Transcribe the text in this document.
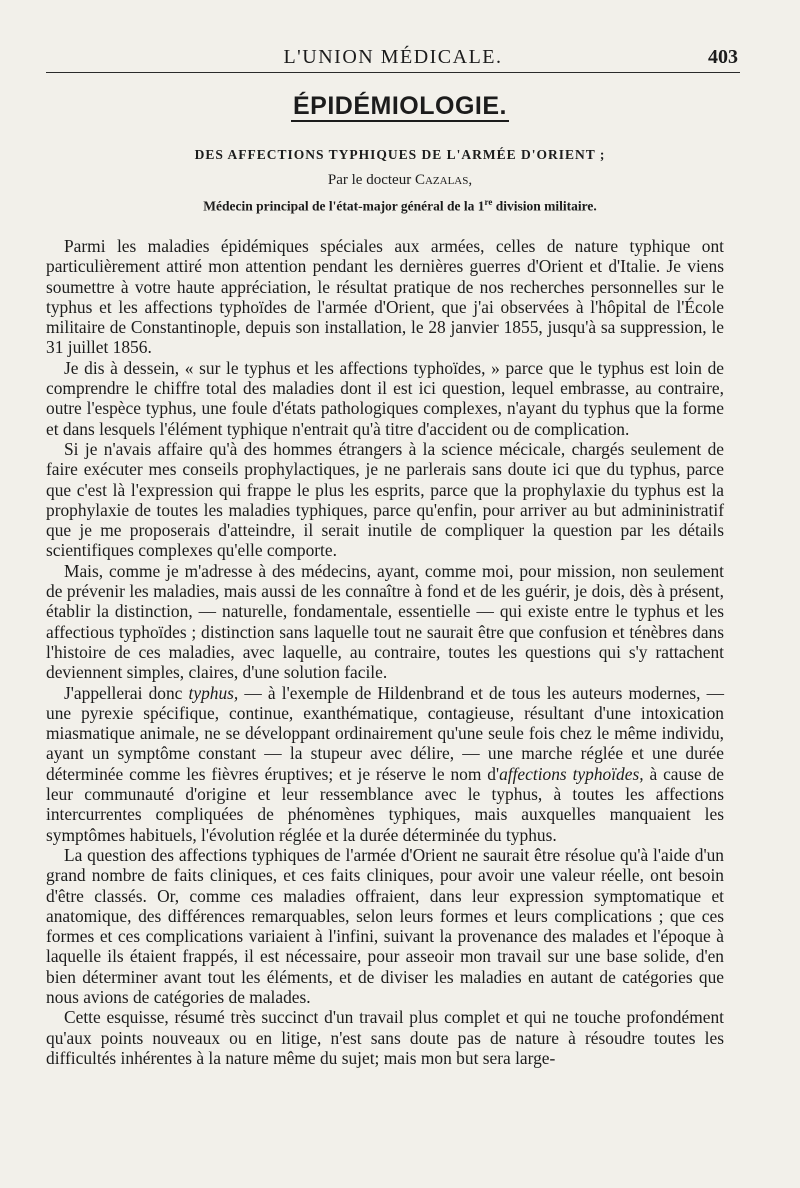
L'UNION MÉDICALE.	403
ÉPIDÉMIOLOGIE.
DES AFFECTIONS TYPHIQUES DE L'ARMÉE D'ORIENT ;
Par le docteur Cazalas,
Médecin principal de l'état-major général de la 1re division militaire.

Parmi les maladies épidémiques spéciales aux armées, celles de nature typhique ont particulièrement attiré mon attention pendant les dernières guerres d'Orient et d'Italie. Je viens soumettre à votre haute appréciation, le résultat pratique de nos recherches personnelles sur le typhus et les affections typhoïdes de l'armée d'Orient, que j'ai observées à l'hôpital de l'École militaire de Constantinople, depuis son installation, le 28 janvier 1855, jusqu'à sa suppression, le 31 juillet 1856.

Je dis à dessein, « sur le typhus et les affections typhoïdes, » parce que le typhus est loin de comprendre le chiffre total des maladies dont il est ici question, lequel embrasse, au contraire, outre l'espèce typhus, une foule d'états pathologiques complexes, n'ayant du typhus que la forme et dans lesquels l'élément typhique n'entrait qu'à titre d'accident ou de complication.

Si je n'avais affaire qu'à des hommes étrangers à la science mécicale, chargés seulement de faire exécuter mes conseils prophylactiques, je ne parlerais sans doute ici que du typhus, parce que c'est là l'expression qui frappe le plus les esprits, parce que la prophylaxie du typhus est la prophylaxie de toutes les maladies typhiques, parce qu'enfin, pour arriver au but admininistratif que je me proposerais d'atteindre, il serait inutile de compliquer la question par les détails scientifiques complexes qu'elle comporte.

Mais, comme je m'adresse à des médecins, ayant, comme moi, pour mission, non seulement de prévenir les maladies, mais aussi de les connaître à fond et de les guérir, je dois, dès à présent, établir la distinction, — naturelle, fondamentale, essentielle — qui existe entre le typhus et les affectious typhoïdes ; distinction sans laquelle tout ne saurait être que confusion et ténèbres dans l'histoire de ces maladies, avec laquelle, au contraire, toutes les questions qui s'y rattachent deviennent simples, claires, d'une solution facile.

J'appellerai donc typhus, — à l'exemple de Hildenbrand et de tous les auteurs modernes, — une pyrexie spécifique, continue, exanthématique, contagieuse, résultant d'une intoxication miasmatique animale, ne se développant ordinairement qu'une seule fois chez le même individu, ayant un symptôme constant — la stupeur avec délire, — une marche réglée et une durée déterminée comme les fièvres éruptives; et je réserve le nom d'affections typhoïdes, à cause de leur communauté d'origine et leur ressemblance avec le typhus, à toutes les affections intercurrentes compliquées de phénomènes typhiques, mais auxquelles manquaient les symptômes habituels, l'évolution réglée et la durée déterminée du typhus.

La question des affections typhiques de l'armée d'Orient ne saurait être résolue qu'à l'aide d'un grand nombre de faits cliniques, et ces faits cliniques, pour avoir une valeur réelle, ont besoin d'être classés. Or, comme ces maladies offraient, dans leur expression symptomatique et anatomique, des différences remarquables, selon leurs formes et leurs complications ; que ces formes et ces complications variaient à l'infini, suivant la provenance des malades et l'époque à laquelle ils étaient frappés, il est nécessaire, pour asseoir mon travail sur une base solide, d'en bien déterminer avant tout les éléments, et de diviser les maladies en autant de catégories que nous avions de catégories de malades.

Cette esquisse, résumé très succinct d'un travail plus complet et qui ne touche profondément qu'aux points nouveaux ou en litige, n'est sans doute pas de nature à résoudre toutes les difficultés inhérentes à la nature même du sujet; mais mon but sera large-
